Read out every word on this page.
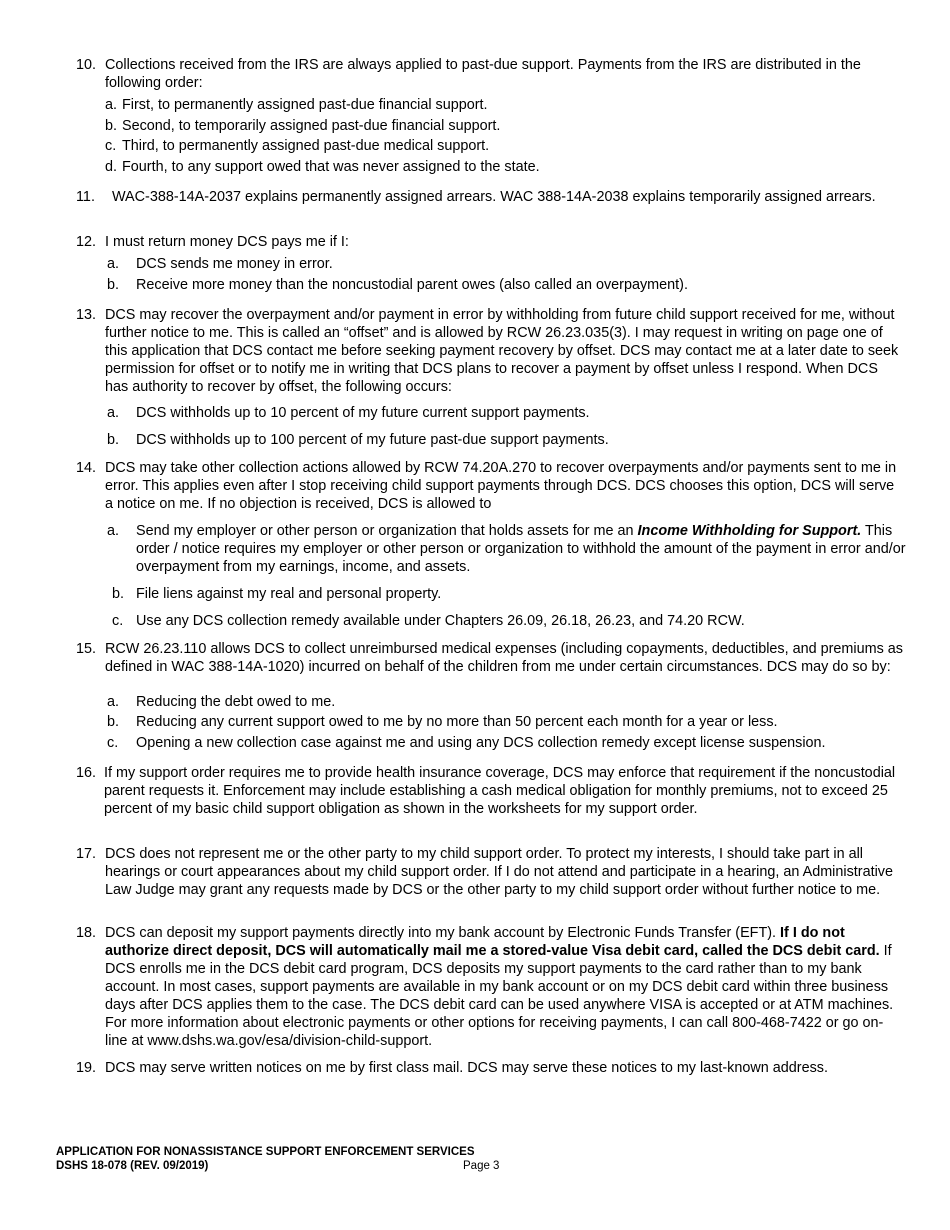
10. Collections received from the IRS are always applied to past-due support. Payments from the IRS are distributed in the following order:
a. First, to permanently assigned past-due financial support.
b. Second, to temporarily assigned past-due financial support.
c. Third, to permanently assigned past-due medical support.
d. Fourth, to any support owed that was never assigned to the state.
11. WAC-388-14A-2037 explains permanently assigned arrears. WAC 388-14A-2038 explains temporarily assigned arrears.
12. I must return money DCS pays me if I:
a. DCS sends me money in error.
b. Receive more money than the noncustodial parent owes (also called an overpayment).
13. DCS may recover the overpayment and/or payment in error by withholding from future child support received for me, without further notice to me. This is called an “offset” and is allowed by RCW 26.23.035(3). I may request in writing on page one of this application that DCS contact me before seeking payment recovery by offset. DCS may contact me at a later date to seek permission for offset or to notify me in writing that DCS plans to recover a payment by offset unless I respond. When DCS has authority to recover by offset, the following occurs:
a. DCS withholds up to 10 percent of my future current support payments.
b. DCS withholds up to 100 percent of my future past-due support payments.
14. DCS may take other collection actions allowed by RCW 74.20A.270 to recover overpayments and/or payments sent to me in error. This applies even after I stop receiving child support payments through DCS. DCS chooses this option, DCS will serve a notice on me. If no objection is received, DCS is allowed to
a. Send my employer or other person or organization that holds assets for me an Income Withholding for Support. This order / notice requires my employer or other person or organization to withhold the amount of the payment in error and/or overpayment from my earnings, income, and assets.
b. File liens against my real and personal property.
c. Use any DCS collection remedy available under Chapters 26.09, 26.18, 26.23, and 74.20 RCW.
15. RCW 26.23.110 allows DCS to collect unreimbursed medical expenses (including copayments, deductibles, and premiums as defined in WAC 388-14A-1020) incurred on behalf of the children from me under certain circumstances. DCS may do so by:
a. Reducing the debt owed to me.
b. Reducing any current support owed to me by no more than 50 percent each month for a year or less.
c. Opening a new collection case against me and using any DCS collection remedy except license suspension.
16. If my support order requires me to provide health insurance coverage, DCS may enforce that requirement if the noncustodial parent requests it. Enforcement may include establishing a cash medical obligation for monthly premiums, not to exceed 25 percent of my basic child support obligation as shown in the worksheets for my support order.
17. DCS does not represent me or the other party to my child support order. To protect my interests, I should take part in all hearings or court appearances about my child support order. If I do not attend and participate in a hearing, an Administrative Law Judge may grant any requests made by DCS or the other party to my child support order without further notice to me.
18. DCS can deposit my support payments directly into my bank account by Electronic Funds Transfer (EFT). If I do not authorize direct deposit, DCS will automatically mail me a stored-value Visa debit card, called the DCS debit card. If DCS enrolls me in the DCS debit card program, DCS deposits my support payments to the card rather than to my bank account. In most cases, support payments are available in my bank account or on my DCS debit card within three business days after DCS applies them to the case. The DCS debit card can be used anywhere VISA is accepted or at ATM machines. For more information about electronic payments or other options for receiving payments, I can call 800-468-7422 or go on-line at www.dshs.wa.gov/esa/division-child-support.
19. DCS may serve written notices on me by first class mail. DCS may serve these notices to my last-known address.
APPLICATION FOR NONASSISTANCE SUPPORT ENFORCEMENT SERVICES
DSHS 18-078 (REV. 09/2019)	Page 3
